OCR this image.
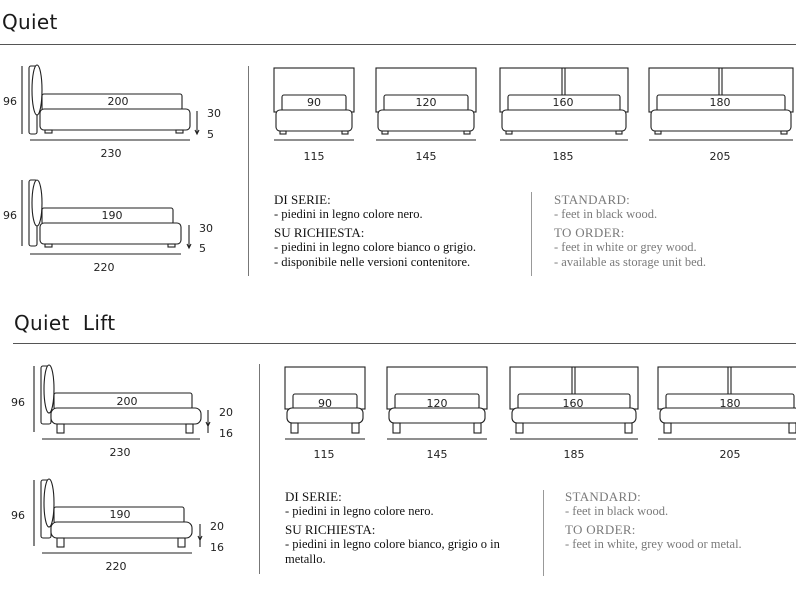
Quiet
96	200
30
5
230
96	190
30
5
220
90
115
120
145
160
185
180
205
DI SERIE:
- piedini in legno colore nero.
SU RICHIESTA:
- piedini in legno colore bianco o grigio.
- disponibile nelle versioni contenitore.
STANDARD:
- feet in black wood.
TO ORDER:
- feet in white or grey wood.
- available as storage unit bed.
Quiet  Lift
96	200
20
16
230
96	190
20
16
220
90
115
120
145
160
185
180
205
DI SERIE:
- piedini in legno colore nero.
SU RICHIESTA:
- piedini in legno colore bianco, grigio o in metallo.
STANDARD:
- feet in black wood.
TO ORDER:
- feet in white, grey wood or metal.
